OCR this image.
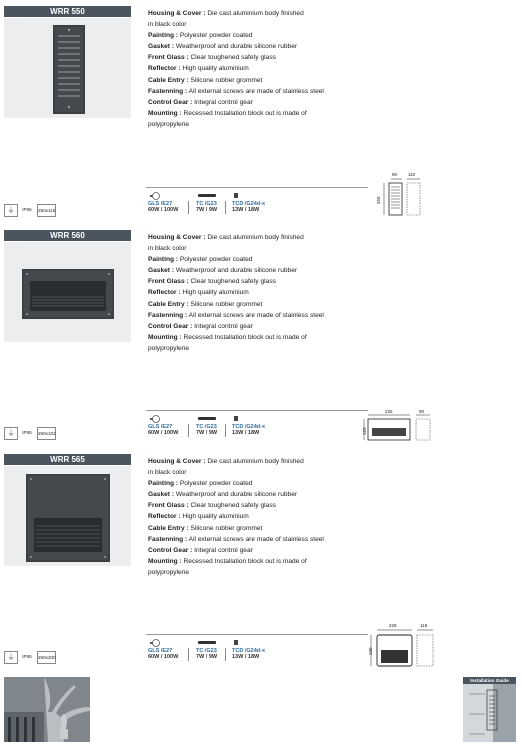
WRR 550	Housing & Cover : Die cast aluminium body finished
in black color
Painting : Polyester powder coated
Gasket : Weatherproof and durable silicone rubber
Front Glass : Clear toughened safety glass
Reflector : High quality aluminium
Cable Entry : Silicone rubber grommet
Fastenning : All external screws are made of stainless steel
Control Gear : Integral control gear
Mounting : Recessed Installation block out is made of
polypropylene
⏚	IP55	250x115
GLS /E27
60W / 100W
TC /G23
7W / 9W
TCD /G24d-x
13W / 18W
90 110
250
WRR 560	Housing & Cover : Die cast aluminium body finished
in black color
Painting : Polyester powder coated
Gasket : Weatherproof and durable silicone rubber
Front Glass : Clear toughened safety glass
Reflector : High quality aluminium
Cable Entry : Silicone rubber grommet
Fastenning : All external screws are made of stainless steel
Control Gear : Integral control gear
Mounting : Recessed Installation block out is made of
polypropylene
⏚	IP55	250x102
GLS /E27
60W / 100W
TC /G23
7W / 9W
TCD /G24d-x
13W / 18W
225	90
120
WRR 565	Housing & Cover : Die cast aluminium body finished
in black color
Painting : Polyester powder coated
Gasket : Weatherproof and durable silicone rubber
Front Glass : Clear toughened safety glass
Reflector : High quality aluminium
Cable Entry : Silicone rubber grommet
Fastenning : All external screws are made of stainless steel
Control Gear : Integral control gear
Mounting : Recessed Installation block out is made of
polypropylene
⏚	IP55	250x200
GLS /E27
60W / 100W
TC /G23
7W / 9W
TCD /G24d-x
13W / 18W
228	118
190
Installation Guide
